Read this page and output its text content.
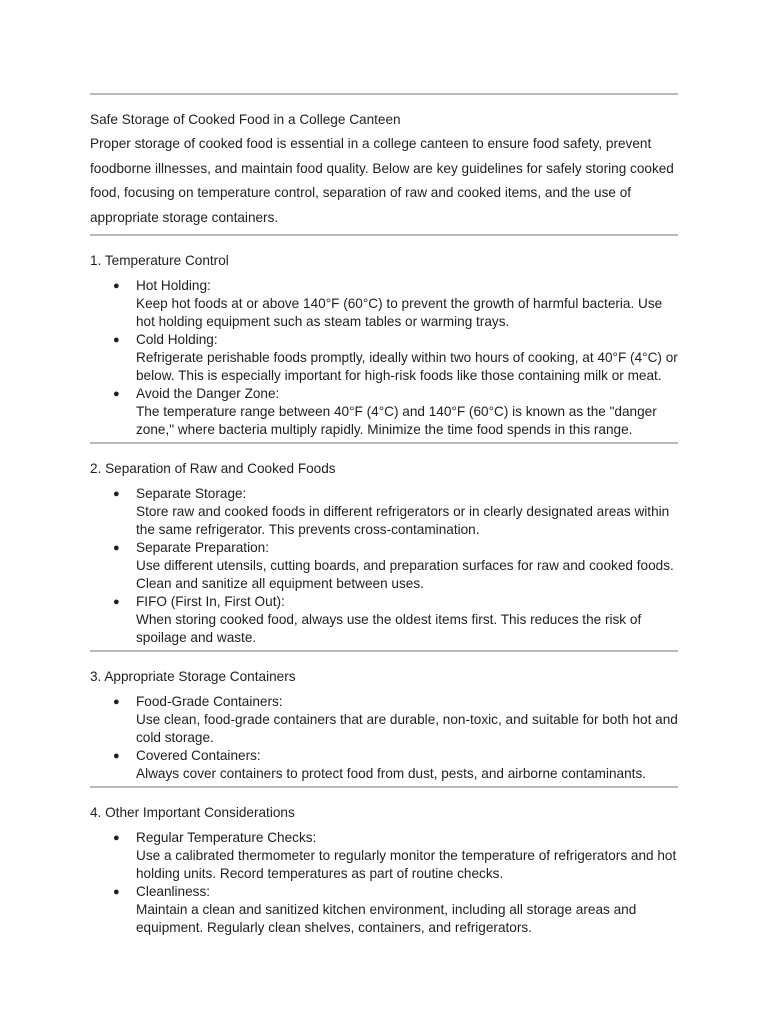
Safe Storage of Cooked Food in a College Canteen
Proper storage of cooked food is essential in a college canteen to ensure food safety, prevent foodborne illnesses, and maintain food quality. Below are key guidelines for safely storing cooked food, focusing on temperature control, separation of raw and cooked items, and the use of appropriate storage containers.
1. Temperature Control
● Hot Holding:
Keep hot foods at or above 140°F (60°C) to prevent the growth of harmful bacteria. Use hot holding equipment such as steam tables or warming trays.
● Cold Holding:
Refrigerate perishable foods promptly, ideally within two hours of cooking, at 40°F (4°C) or below. This is especially important for high-risk foods like those containing milk or meat.
● Avoid the Danger Zone:
The temperature range between 40°F (4°C) and 140°F (60°C) is known as the "danger zone," where bacteria multiply rapidly. Minimize the time food spends in this range.
2. Separation of Raw and Cooked Foods
● Separate Storage:
Store raw and cooked foods in different refrigerators or in clearly designated areas within the same refrigerator. This prevents cross-contamination.
● Separate Preparation:
Use different utensils, cutting boards, and preparation surfaces for raw and cooked foods. Clean and sanitize all equipment between uses.
● FIFO (First In, First Out):
When storing cooked food, always use the oldest items first. This reduces the risk of spoilage and waste.
3. Appropriate Storage Containers
● Food-Grade Containers:
Use clean, food-grade containers that are durable, non-toxic, and suitable for both hot and cold storage.
● Covered Containers:
Always cover containers to protect food from dust, pests, and airborne contaminants.
4. Other Important Considerations
● Regular Temperature Checks:
Use a calibrated thermometer to regularly monitor the temperature of refrigerators and hot holding units. Record temperatures as part of routine checks.
● Cleanliness:
Maintain a clean and sanitized kitchen environment, including all storage areas and equipment. Regularly clean shelves, containers, and refrigerators.
